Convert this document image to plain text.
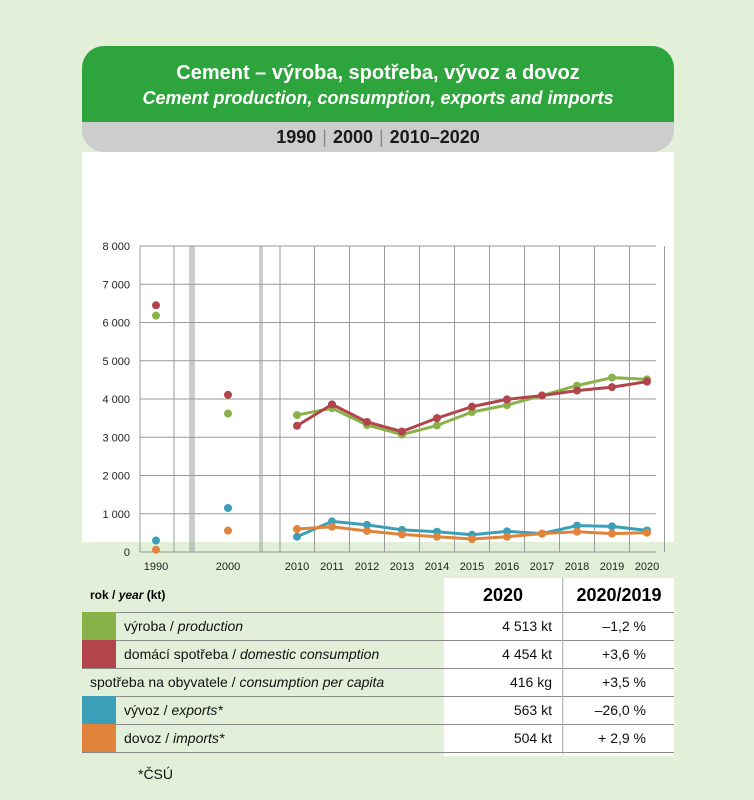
Cement – výroba, spotřeba, vývoz a dovoz
Cement production, consumption, exports and imports
1990 | 2000 | 2010–2020
8 000
7 000
6 000
5 000
4 000
3 000
2 000
1 000
0
1990	2000	2010 2011 2012 2013 2014 2015 2016 2017 2018 2019 2020
rok / year (kt)	2020	2020/2019
výroba / production	4 513 kt	–1,2 %
domácí spotřeba / domestic consumption	4 454 kt	+3,6 %
spotřeba na obyvatele / consumption per capita	416 kg	+3,5 %
vývoz / exports*	563 kt	–26,0 %
dovoz / imports*	504 kt	+ 2,9 %
*ČSÚ
